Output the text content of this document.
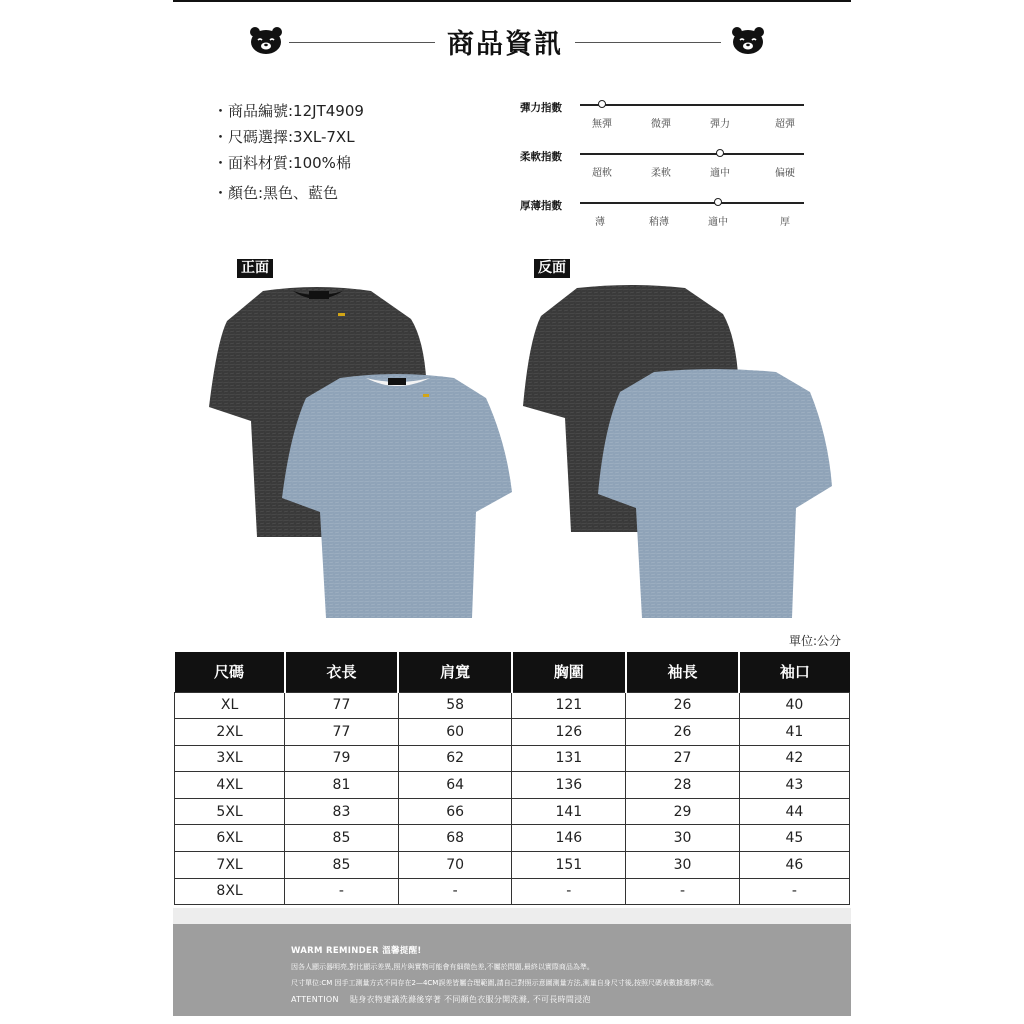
商品資訊
・商品編號:12JT4909
・尺碼選擇:3XL-7XL
・面料材質:100%棉
・顏色:黑色、藍色
彈力指數
無彈	微彈	彈力	超彈
柔軟指數
超軟	柔軟	適中	偏硬
厚薄指數
薄	稍薄	適中	厚
正面	反面
單位:公分
尺碼	衣長	肩寬	胸圍	袖長	袖口
XL	77	58	121	26	40
2XL	77	60	126	26	41
3XL	79	62	131	27	42
4XL	81	64	136	28	43
5XL	83	66	141	29	44
6XL	85	68	146	30	45
7XL	85	70	151	30	46
8XL	-	-	-	-	-
WARM REMINDER 溫馨提醒!
因各人顯示器明亮,對比顯示差異,照片與實物可能會有細微色差,不屬於問題,最終以實際商品為準。
尺寸單位:CM 因手工測量方式不同存在2—4CM誤差皆屬合理範圍,請自己對照示意圖測量方法,測量自身尺寸後,按照尺碼表數據選擇尺碼。
ATTENTION　 貼身衣物建議洗滌後穿著 不同顏色衣服分開洗滌, 不可長時間浸泡
